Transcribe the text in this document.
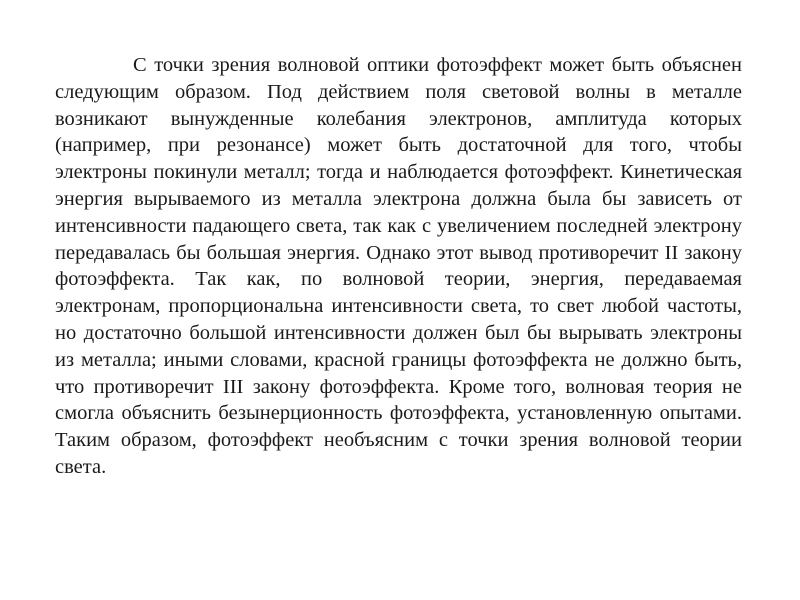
С точки зрения волновой оптики фотоэффект может быть объяснен следующим образом. Под действием поля световой волны в металле возникают вынужденные колебания электронов, амплитуда которых (например, при резонансе) может быть достаточной для того, чтобы электроны покинули металл; тогда и наблюдается фотоэффект. Кинетическая энергия вырываемого из металла электрона должна была бы зависеть от интенсивности падающего света, так как с увеличением последней электрону передавалась бы большая энергия. Однако этот вывод противоречит II закону фотоэффекта. Так как, по волновой теории, энергия, передаваемая электронам, пропорциональна интенсивности света, то свет любой частоты, но достаточно большой интенсивности должен был бы вырывать электроны из металла; иными словами, красной границы фотоэффекта не должно быть, что противоречит III закону фотоэффекта. Кроме того, волновая теория не смогла объяснить безынерционность фотоэффекта, установленную опытами. Таким образом, фотоэффект необъясним с точки зрения волновой теории света.
